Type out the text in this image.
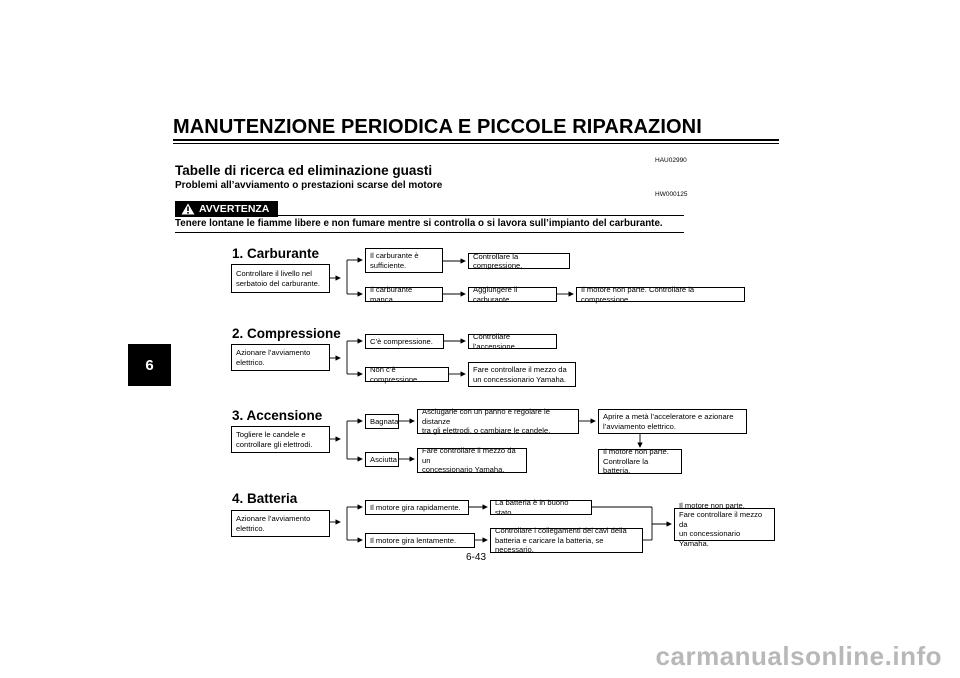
MANUTENZIONE PERIODICA E PICCOLE RIPARAZIONI
6
HAU02990
Tabelle di ricerca ed eliminazione guasti
Problemi all’avviamento o prestazioni scarse del motore
HW000125
AVVERTENZA
Tenere lontane le fiamme libere e non fumare mentre si controlla o si lavora sull’impianto del carburante.
1. Carburante
Controllare il livello nel
serbatoio del carburante.
Il carburante è
sufficiente.
Controllare la compressione.
Il carburante manca.
Aggiungere il carburante.
Il motore non parte. Controllare la compressione.
2. Compressione
Azionare l’avviamento
elettrico.
C’è compressione.
Controllare l’accensione.
Non c’è compressione.
Fare controllare il mezzo da
un concessionario Yamaha.
3. Accensione
Togliere le candele e
controllare gli elettrodi.
Bagnata
Asciugarle con un panno e regolare le distanze
tra gli elettrodi, o cambiare le candele.
Aprire a metà l’acceleratore e azionare
l’avviamento elettrico.
Il motore non parte.
Controllare la batteria.
Asciutta
Fare controllare il mezzo da un
concessionario Yamaha.
4. Batteria
Azionare l’avviamento
elettrico.
Il motore gira rapidamente.
La batteria è in buono stato.
Il motore gira lentamente.
Controllare i collegamenti dei cavi della
batteria e caricare la batteria, se necessario.
Il motore non parte.
Fare controllare il mezzo da
un concessionario Yamaha.
6-43
carmanualsonline.info
